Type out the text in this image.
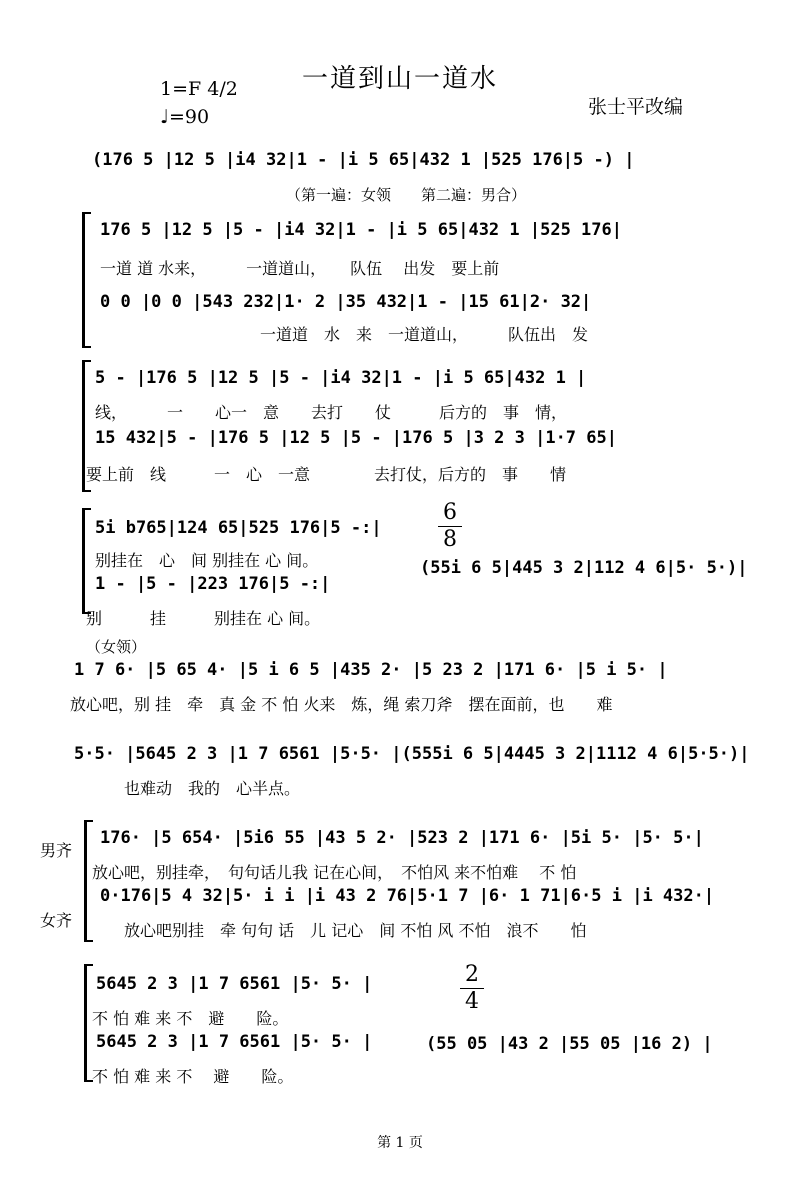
一道到山一道水
1=F 4/2
♩=90	张士平改编
(176 5 |12 5 |i4 32|1 - |i 5 65|432 1 |525 176|5 -) |
（第一遍：女领　　第二遍：男合）
176 5 |12 5 |5 - |i4 32|1 - |i 5 65|432 1 |525 176|
一道 道 水来，　　　一道道山，　　队伍　 出发　要上前
0 0 |0 0 |543 232|1· 2 |35 432|1 - |15 61|2· 32|
一道道　水　来　一道道山，　　　队伍出　发
5 - |176 5 |12 5 |5 - |i4 32|1 - |i 5 65|432 1 |
线，　　　一　　心一　意　　去打　　仗　　　后方的　事　情，
15 432|5 - |176 5 |12 5 |5 - |176 5 |3 2 3 |1·7 65|
要上前　线　　　一　心　一意　　　　去打仗，后方的　事　　情
5i b765|124 65|525 176|5 -:|
别挂在　心　间 别挂在 心 间。
1 - |5 - |223 176|5 -:|
别　　　挂　　　别挂在 心 间。
6
8
(55i 6 5|445 3 2|112 4 6|5· 5·)|
（女领）
1 7 6· |5 65 4· |5 i 6 5 |435 2· |5 23 2 |171 6· |5 i 5· |
放心吧，别 挂　牵　真 金 不 怕 火来　炼，绳 索刀斧　摆在面前，也　　难
5·5· |5645 2 3 |1 7 6561 |5·5· |(555i 6 5|4445 3 2|1112 4 6|5·5·)|
也难动　我的　心半点。
男齐
女齐
176· |5 654· |5i6 55 |43 5 2· |523 2 |171 6· |5i 5· |5· 5·|
放心吧，别挂牵，　句句话儿我 记在心间，　不怕风 来不怕难　 不 怕
0·176|5 4 32|5· i i |i 43 2 76|5·1 7 |6· 1 71|6·5 i |i 432·|
放心吧别挂　牵 句句 话　儿 记心　间 不怕 风 不怕　浪不　　怕
5645 2 3 |1 7 6561 |5· 5· |
不 怕 难 来 不　避　　险。
5645 2 3 |1 7 6561 |5· 5· |
不 怕 难 来 不　 避　　险。
2
4
(55 05 |43 2 |55 05 |16 2) |
第 1 页
